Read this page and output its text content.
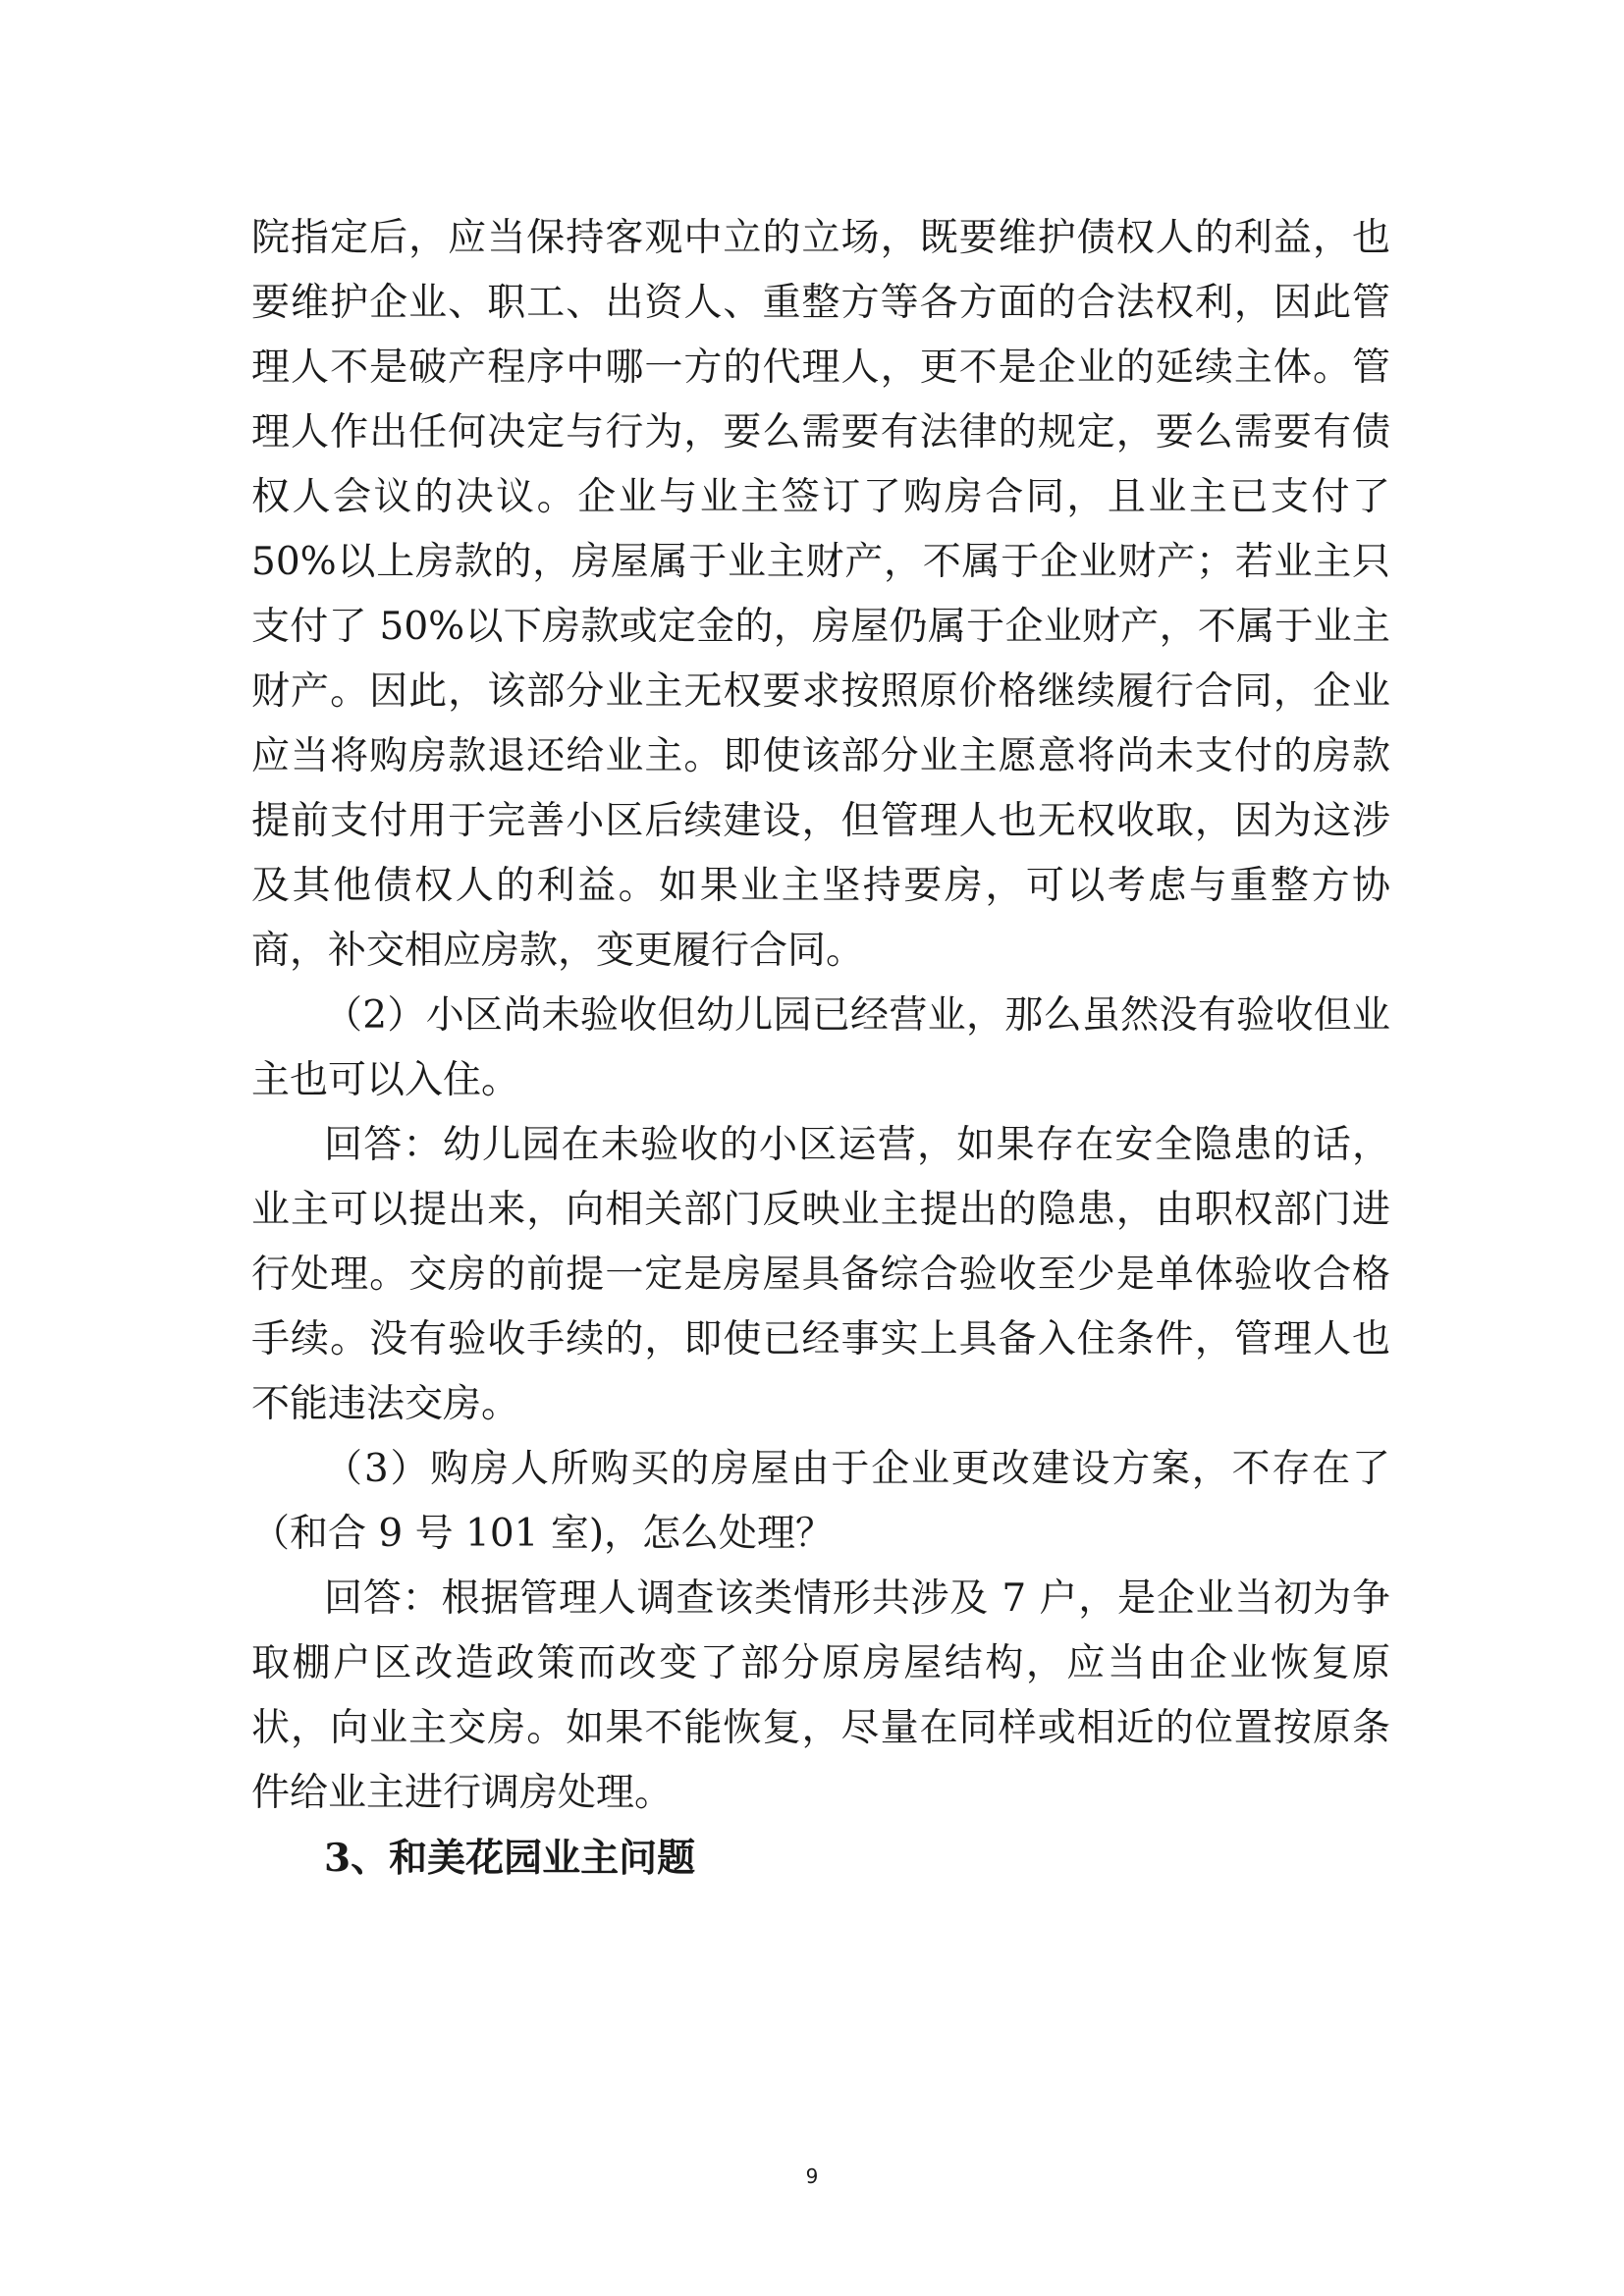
院指定后，应当保持客观中立的立场，既要维护债权人的利益，也要维护企业、职工、出资人、重整方等各方面的合法权利，因此管理人不是破产程序中哪一方的代理人，更不是企业的延续主体。管理人作出任何决定与行为，要么需要有法律的规定，要么需要有债权人会议的决议。企业与业主签订了购房合同，且业主已支付了 50%以上房款的，房屋属于业主财产，不属于企业财产；若业主只支付了 50%以下房款或定金的，房屋仍属于企业财产，不属于业主财产。因此，该部分业主无权要求按照原价格继续履行合同，企业应当将购房款退还给业主。即使该部分业主愿意将尚未支付的房款提前支付用于完善小区后续建设，但管理人也无权收取，因为这涉及其他债权人的利益。如果业主坚持要房，可以考虑与重整方协商，补交相应房款，变更履行合同。

（2）小区尚未验收但幼儿园已经营业，那么虽然没有验收但业主也可以入住。

回答：幼儿园在未验收的小区运营，如果存在安全隐患的话，业主可以提出来，向相关部门反映业主提出的隐患，由职权部门进行处理。交房的前提一定是房屋具备综合验收至少是单体验收合格手续。没有验收手续的，即使已经事实上具备入住条件，管理人也不能违法交房。

（3）购房人所购买的房屋由于企业更改建设方案，不存在了（和合 9 号 101 室)，怎么处理？

回答：根据管理人调查该类情形共涉及 7 户，是企业当初为争取棚户区改造政策而改变了部分原房屋结构，应当由企业恢复原状，向业主交房。如果不能恢复，尽量在同样或相近的位置按原条件给业主进行调房处理。

3、和美花园业主问题

9
